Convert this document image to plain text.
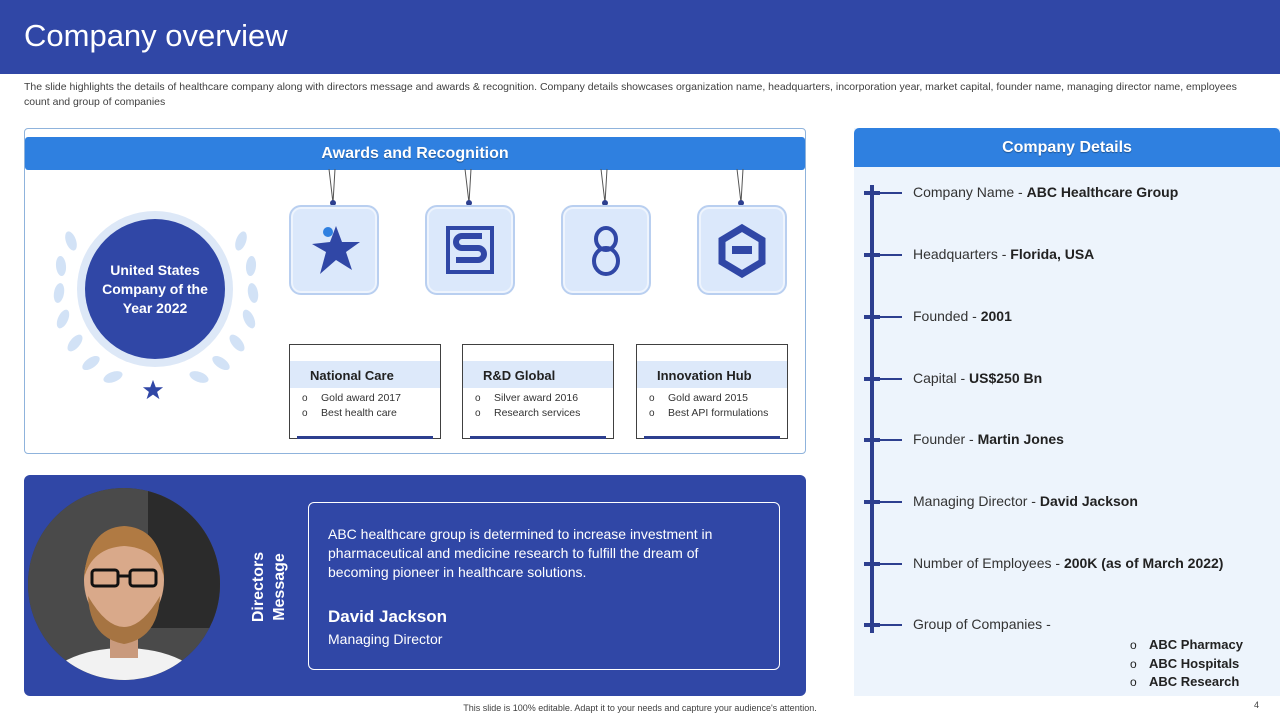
Company overview
The slide highlights the details of healthcare company along with directors message and awards & recognition. Company details showcases organization name, headquarters, incorporation year, market capital, founder name, managing director name, employees count and group of companies
Awards and Recognition
United States Company of the Year 2022
National Care
o Gold award 2017
o Best health care
R&D Global
o Silver award 2016
o Research services
Innovation Hub
o Gold award 2015
o Best API formulations
Directors Message
ABC healthcare group is determined to increase investment in pharmaceutical and medicine research to fulfill the dream of becoming pioneer in healthcare solutions.
David Jackson
Managing Director
Company Details
Company Name - ABC Healthcare Group
Headquarters - Florida, USA
Founded - 2001
Capital - US$250 Bn
Founder - Martin Jones
Managing Director - David Jackson
Number of Employees - 200K (as of March 2022)
Group of Companies -
o ABC Pharmacy
o ABC Hospitals
o ABC Research
This slide is 100% editable. Adapt it to your needs and capture your audience's attention.	4
